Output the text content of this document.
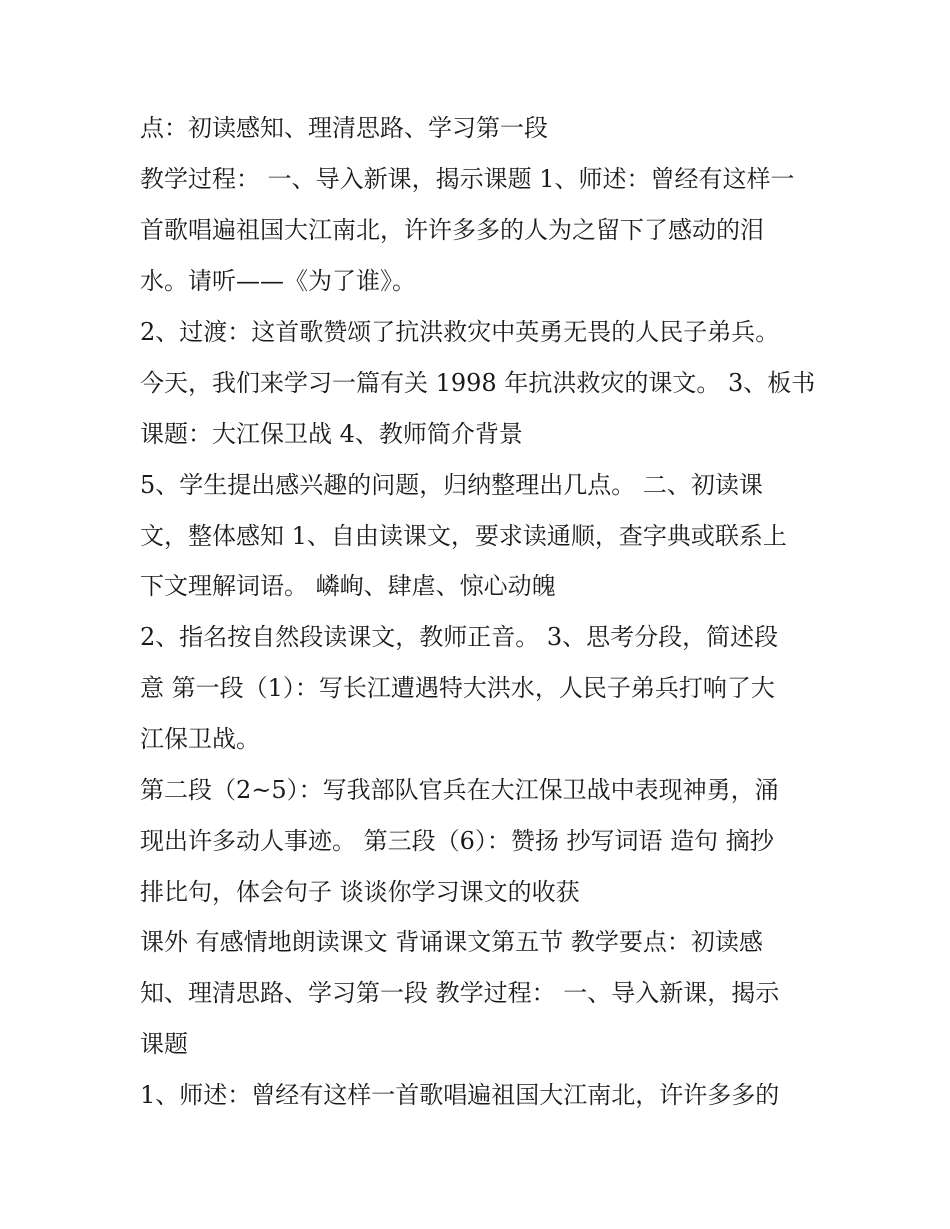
点：初读感知、理清思路、学习第一段
教学过程： 一、导入新课，揭示课题 1、师述：曾经有这样一
首歌唱遍祖国大江南北，许许多多的人为之留下了感动的泪
水。请听——《为了谁》。
2、过渡：这首歌赞颂了抗洪救灾中英勇无畏的人民子弟兵。
今天，我们来学习一篇有关 1998 年抗洪救灾的课文。 3、板书
课题：大江保卫战 4、教师简介背景
5、学生提出感兴趣的问题，归纳整理出几点。 二、初读课
文，整体感知 1、自由读课文，要求读通顺，查字典或联系上
下文理解词语。 嶙峋、肆虐、惊心动魄
2、指名按自然段读课文，教师正音。 3、思考分段，简述段
意 第一段（1）：写长江遭遇特大洪水，人民子弟兵打响了大
江保卫战。
第二段（2~5）：写我部队官兵在大江保卫战中表现神勇，涌
现出许多动人事迹。 第三段（6）：赞扬 抄写词语 造句 摘抄
排比句，体会句子 谈谈你学习课文的收获
课外 有感情地朗读课文 背诵课文第五节 教学要点：初读感
知、理清思路、学习第一段 教学过程： 一、导入新课，揭示
课题
1、师述：曾经有这样一首歌唱遍祖国大江南北，许许多多的
